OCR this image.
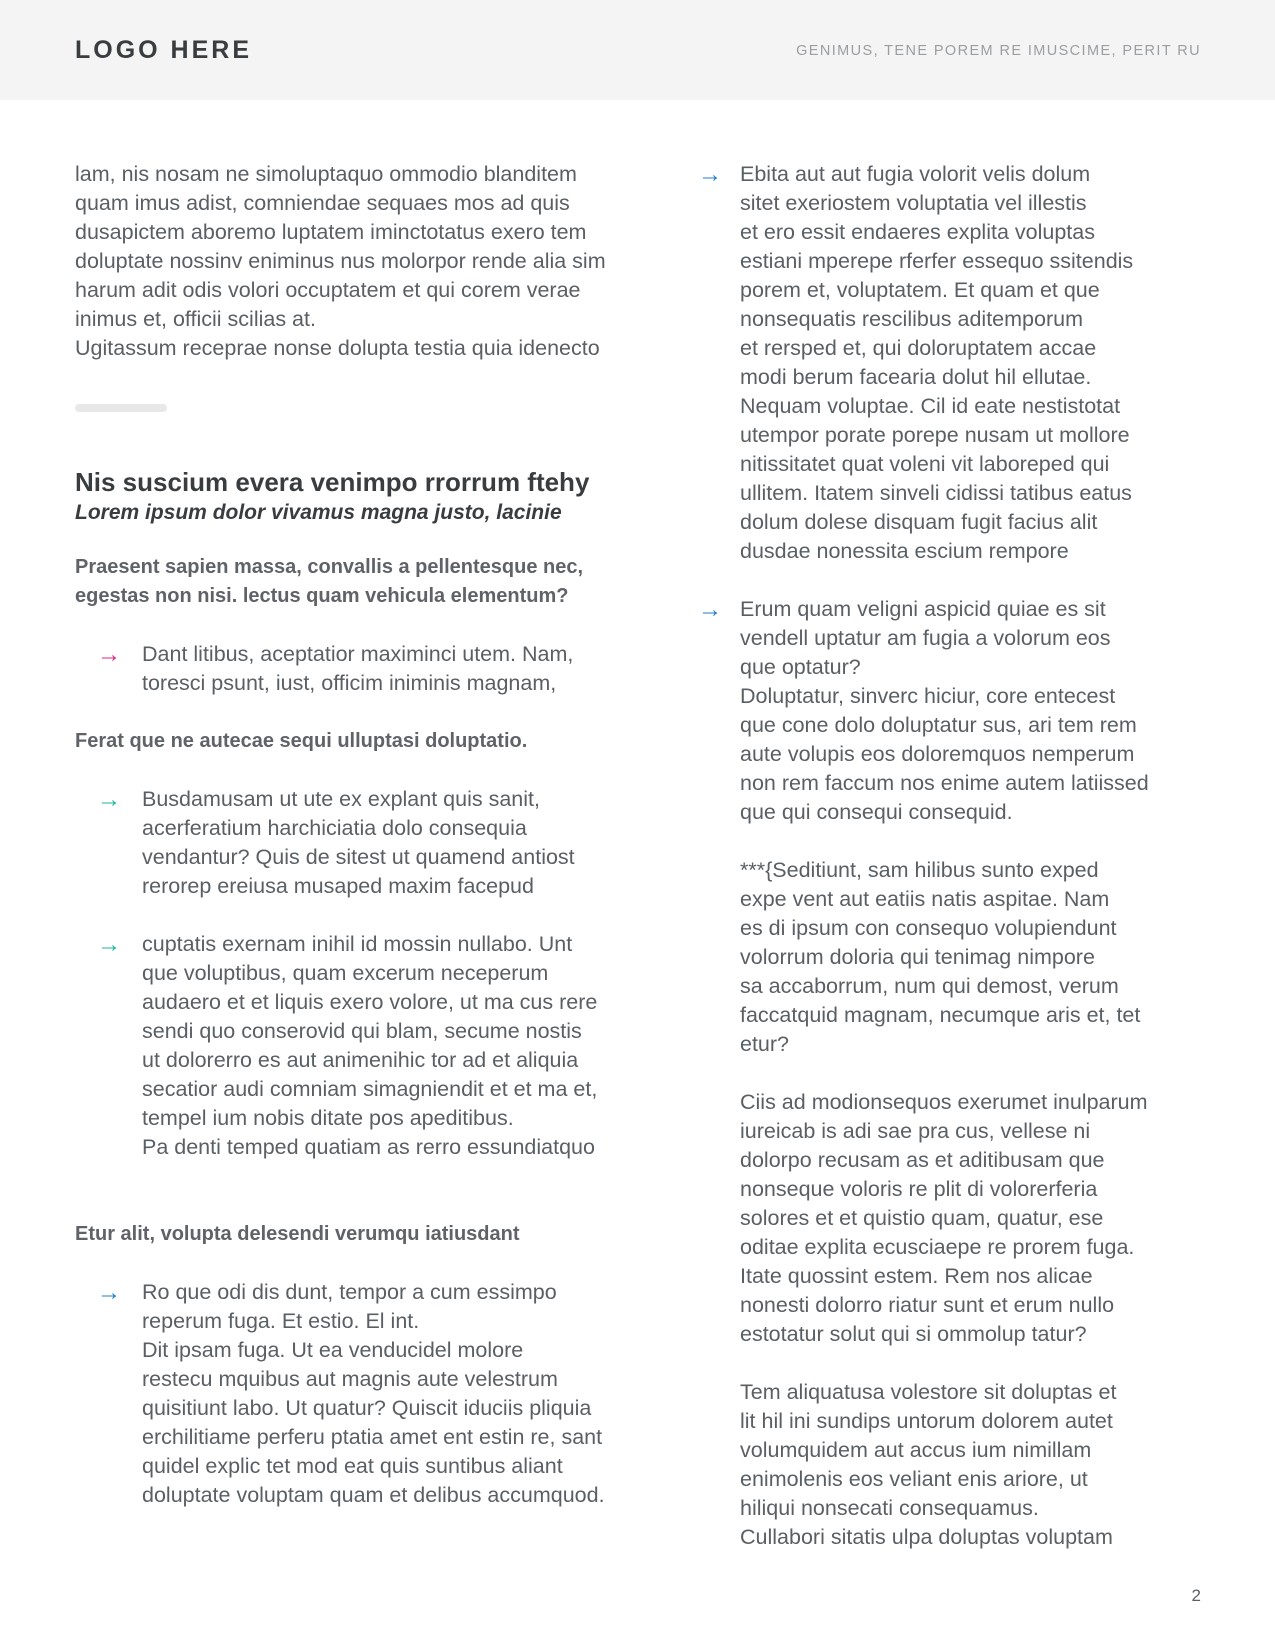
LOGO HERE	GENIMUS, TENE POREM RE IMUSCIME, PERIT RU
lam, nis nosam ne simoluptaquo ommodio blanditem
quam imus adist, comniendae sequaes mos ad quis
dusapictem aboremo luptatem iminctotatus exero tem
doluptate nossinv eniminus nus molorpor rende alia sim
harum adit odis volori occuptatem et qui corem verae
inimus et, officii scilias at.
Ugitassum receprae nonse dolupta testia quia idenecto
Nis suscium evera venimpo rrorrum ftehy
Lorem ipsum dolor vivamus magna justo, lacinie
Praesent sapien massa, convallis a pellentesque nec,
egestas non nisi. lectus quam vehicula elementum?
→ Dant litibus, aceptatior maximinci utem. Nam,
toresci psunt, iust, officim iniminis magnam,
Ferat que ne autecae sequi ulluptasi doluptatio.
→ Busdamusam ut ute ex explant quis sanit,
acerferatium harchiciatia dolo consequia
vendantur? Quis de sitest ut quamend antiost
rerorep ereiusa musaped maxim facepud
→ cuptatis exernam inihil id mossin nullabo. Unt
que voluptibus, quam excerum neceperum
audaero et et liquis exero volore, ut ma cus rere
sendi quo conserovid qui blam, secume nostis
ut dolorerro es aut animenihic tor ad et aliquia
secatior audi comniam simagniendit et et ma et,
tempel ium nobis ditate pos apeditibus.
Pa denti temped quatiam as rerro essundiatquo
Etur alit, volupta delesendi verumqu iatiusdant
→ Ro que odi dis dunt, tempor a cum essimpo
reperum fuga. Et estio. El int.
Dit ipsam fuga. Ut ea venducidel molore
restecu mquibus aut magnis aute velestrum
quisitiunt labo. Ut quatur? Quiscit iduciis pliquia
erchilitiame perferu ptatia amet ent estin re, sant
quidel explic tet mod eat quis suntibus aliant
doluptate voluptam quam et delibus accumquod.
→ Ebita aut aut fugia volorit velis dolum
sitet exeriostem voluptatia vel illestis
et ero essit endaeres explita voluptas
estiani mperepe rferfer essequo ssitendis
porem et, voluptatem. Et quam et que
nonsequatis rescilibus aditemporum
et rersped et, qui doloruptatem accae
modi berum facearia dolut hil ellutae.
Nequam voluptae. Cil id eate nestistotat
utempor porate porepe nusam ut mollore
nitissitatet quat voleni vit laboreped qui
ullitem. Itatem sinveli cidissi tatibus eatus
dolum dolese disquam fugit facius alit
dusdae nonessita escium rempore
→ Erum quam veligni aspicid quiae es sit
vendell uptatur am fugia a volorum eos
que optatur?
Doluptatur, sinverc hiciur, core entecest
que cone dolo doluptatur sus, ari tem rem
aute volupis eos doloremquos nemperum
non rem faccum nos enime autem latiissed
que qui consequi consequid.
***{Seditiunt, sam hilibus sunto exped
expe vent aut eatiis natis aspitae. Nam
es di ipsum con consequo volupiendunt
volorrum doloria qui tenimag nimpore
sa accaborrum, num qui demost, verum
faccatquid magnam, necumque aris et, tet
etur?
Ciis ad modionsequos exerumet inulparum
iureicab is adi sae pra cus, vellese ni
dolorpo recusam as et aditibusam que
nonseque voloris re plit di volorerferia
solores et et quistio quam, quatur, ese
oditae explita ecusciaepe re prorem fuga.
Itate quossint estem. Rem nos alicae
nonesti dolorro riatur sunt et erum nullo
estotatur solut qui si ommolup tatur?
Tem aliquatusa volestore sit doluptas et
lit hil ini sundips untorum dolorem autet
volumquidem aut accus ium nimillam
enimolenis eos veliant enis ariore, ut
hiliqui nonsecati consequamus.
Cullabori sitatis ulpa doluptas voluptam
2
